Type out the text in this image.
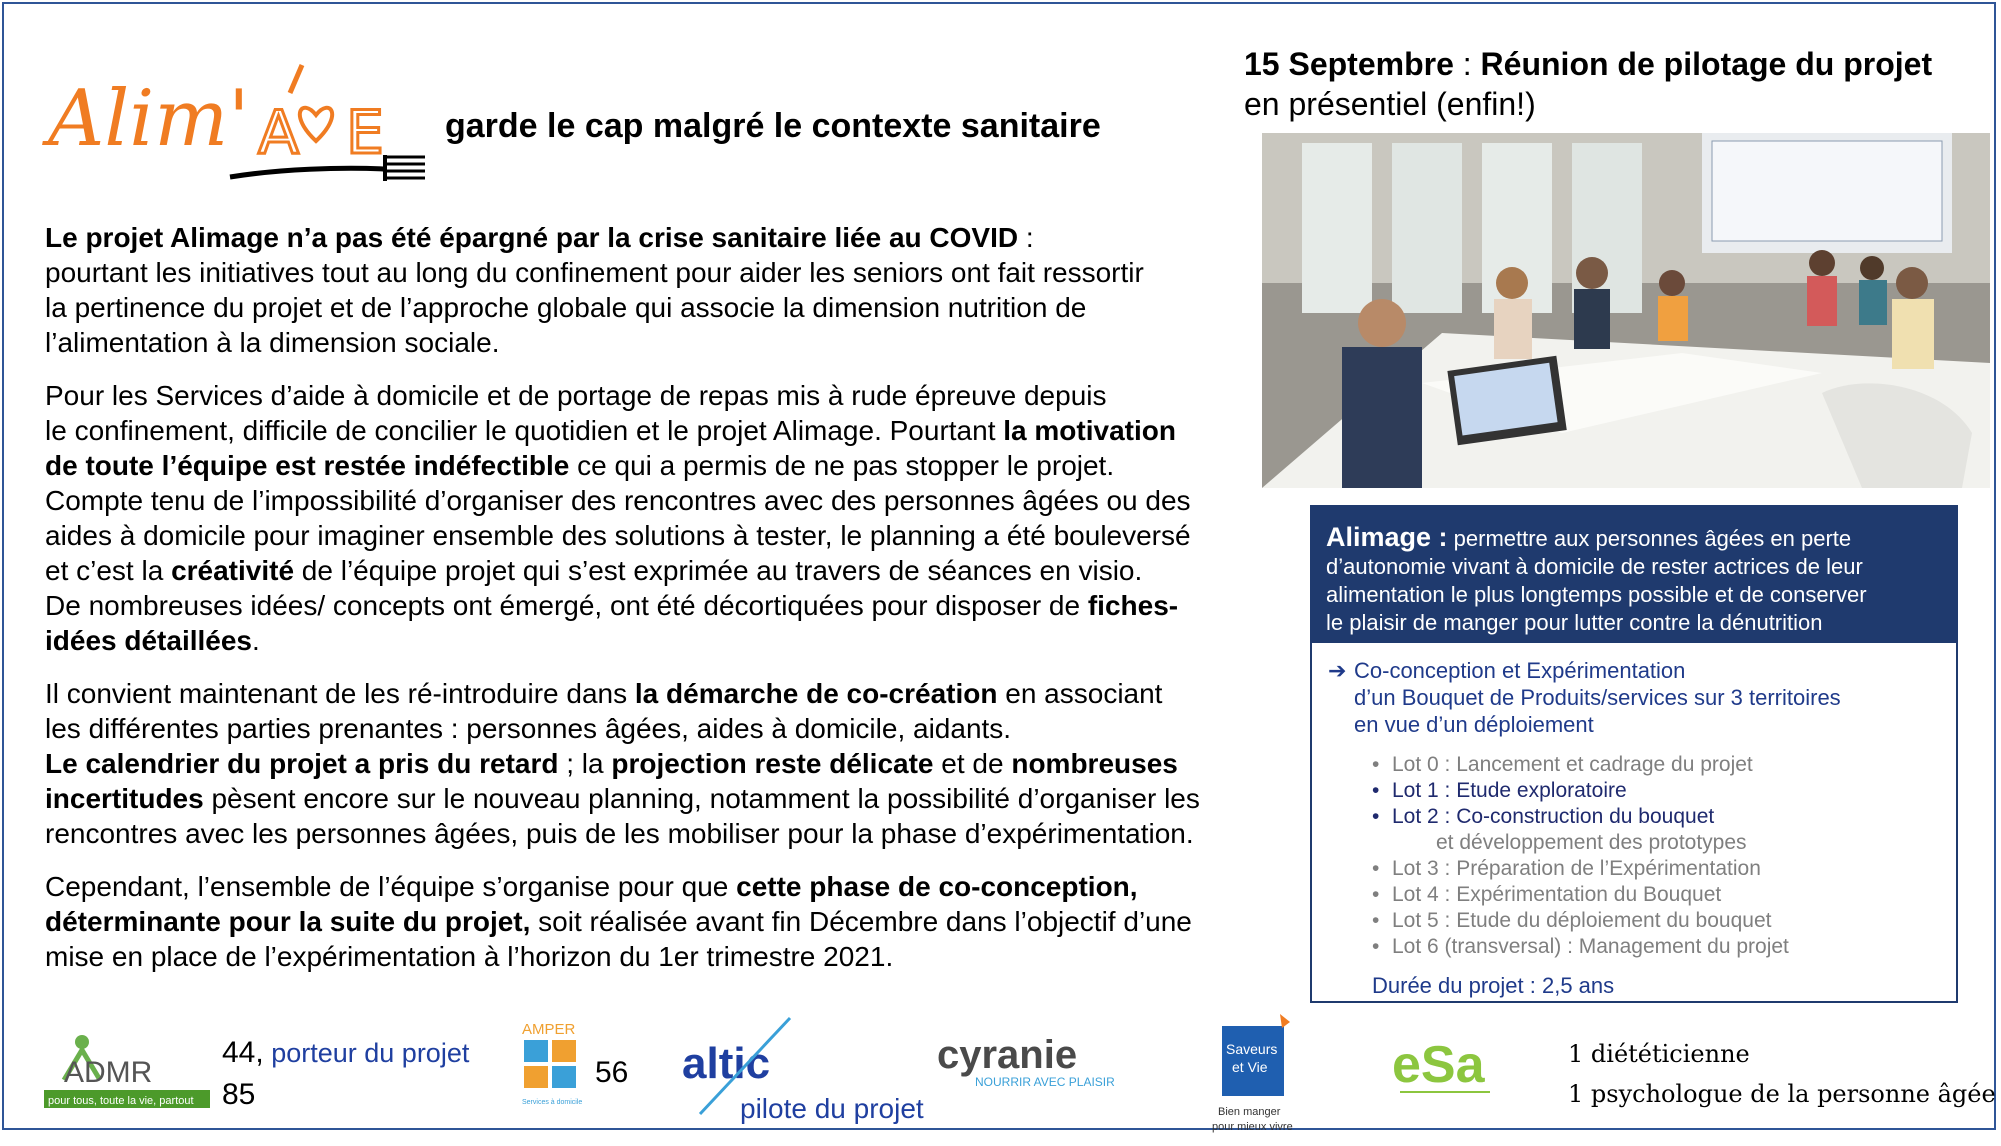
Alim' A E garde le cap malgré le contexte sanitaire

Le projet Alimage n’a pas été épargné par la crise sanitaire liée au COVID :
pourtant les initiatives tout au long du confinement pour aider les seniors ont fait ressortir
la pertinence du projet et de l’approche globale qui associe la dimension nutrition de
l’alimentation à la dimension sociale.

Pour les Services d’aide à domicile et de portage de repas mis à rude épreuve depuis
le confinement, difficile de concilier le quotidien et le projet Alimage. Pourtant la motivation
de toute l’équipe est restée indéfectible ce qui a permis de ne pas stopper le projet.
Compte tenu de l’impossibilité d’organiser des rencontres avec des personnes âgées ou des
aides à domicile pour imaginer ensemble des solutions à tester, le planning a été bouleversé
et c’est la créativité de l’équipe projet qui s’est exprimée au travers de séances en visio.
De nombreuses idées/ concepts ont émergé, ont été décortiquées pour disposer de fiches-
idées détaillées.

Il convient maintenant de les ré-introduire dans la démarche de co-création en associant
les différentes parties prenantes : personnes âgées, aides à domicile, aidants.
Le calendrier du projet a pris du retard ; la projection reste délicate et de nombreuses
incertitudes pèsent encore sur le nouveau planning, notamment la possibilité d’organiser les
rencontres avec les personnes âgées, puis de les mobiliser pour la phase d’expérimentation.

Cependant, l’ensemble de l’équipe s’organise pour que cette phase de co-conception,
déterminante pour la suite du projet, soit réalisée avant fin Décembre dans l’objectif d’une
mise en place de l’expérimentation à l’horizon du 1er trimestre 2021.

15 Septembre : Réunion de pilotage du projet
en présentiel (enfin!)
Alimage : permettre aux personnes âgées en perte
d’autonomie vivant à domicile de rester actrices de leur
alimentation le plus longtemps possible et de conserver
le plaisir de manger pour lutter contre la dénutrition
➔ Co-conception et Expérimentation
d’un Bouquet de Produits/services sur 3 territoires
en vue d’un déploiement
• Lot 0 : Lancement et cadrage du projet
• Lot 1 : Etude exploratoire
• Lot 2 : Co-construction du bouquet
et développement des prototypes
• Lot 3 : Préparation de l’Expérimentation
• Lot 4 : Expérimentation du Bouquet
• Lot 5 : Etude du déploiement du bouquet
• Lot 6 (transversal) : Management du projet
Durée du projet : 2,5 ans
ADMR
pour tous, toute la vie, partout
44, porteur du projet
85
AMPER
Services à domicile
56 altic
pilote du projet
cyranie
NOURRIR AVEC PLAISIR
Saveurs
et Vie
Bien manger
pour mieux vivre
eSa	1 diététicienne
1 psychologue de la personne âgée
